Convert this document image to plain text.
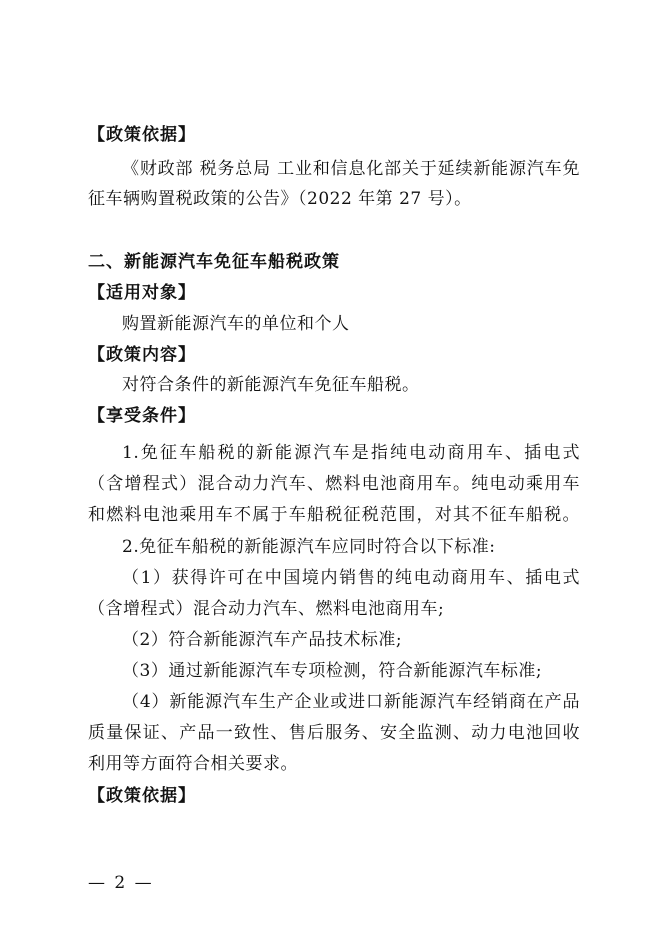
【政策依据】
《财政部 税务总局 工业和信息化部关于延续新能源汽车免
征车辆购置税政策的公告》（2022 年第 27 号）。
二、新能源汽车免征车船税政策
【适用对象】
购置新能源汽车的单位和个人
【政策内容】
对符合条件的新能源汽车免征车船税。
【享受条件】
1.免征车船税的新能源汽车是指纯电动商用车、插电式
（含增程式）混合动力汽车、燃料电池商用车。纯电动乘用车
和燃料电池乘用车不属于车船税征税范围，对其不征车船税。
2.免征车船税的新能源汽车应同时符合以下标准:
（1）获得许可在中国境内销售的纯电动商用车、插电式
（含增程式）混合动力汽车、燃料电池商用车;
（2）符合新能源汽车产品技术标准;
（3）通过新能源汽车专项检测，符合新能源汽车标准;
（4）新能源汽车生产企业或进口新能源汽车经销商在产品
质量保证、产品一致性、售后服务、安全监测、动力电池回收
利用等方面符合相关要求。
【政策依据】
— 2 —
